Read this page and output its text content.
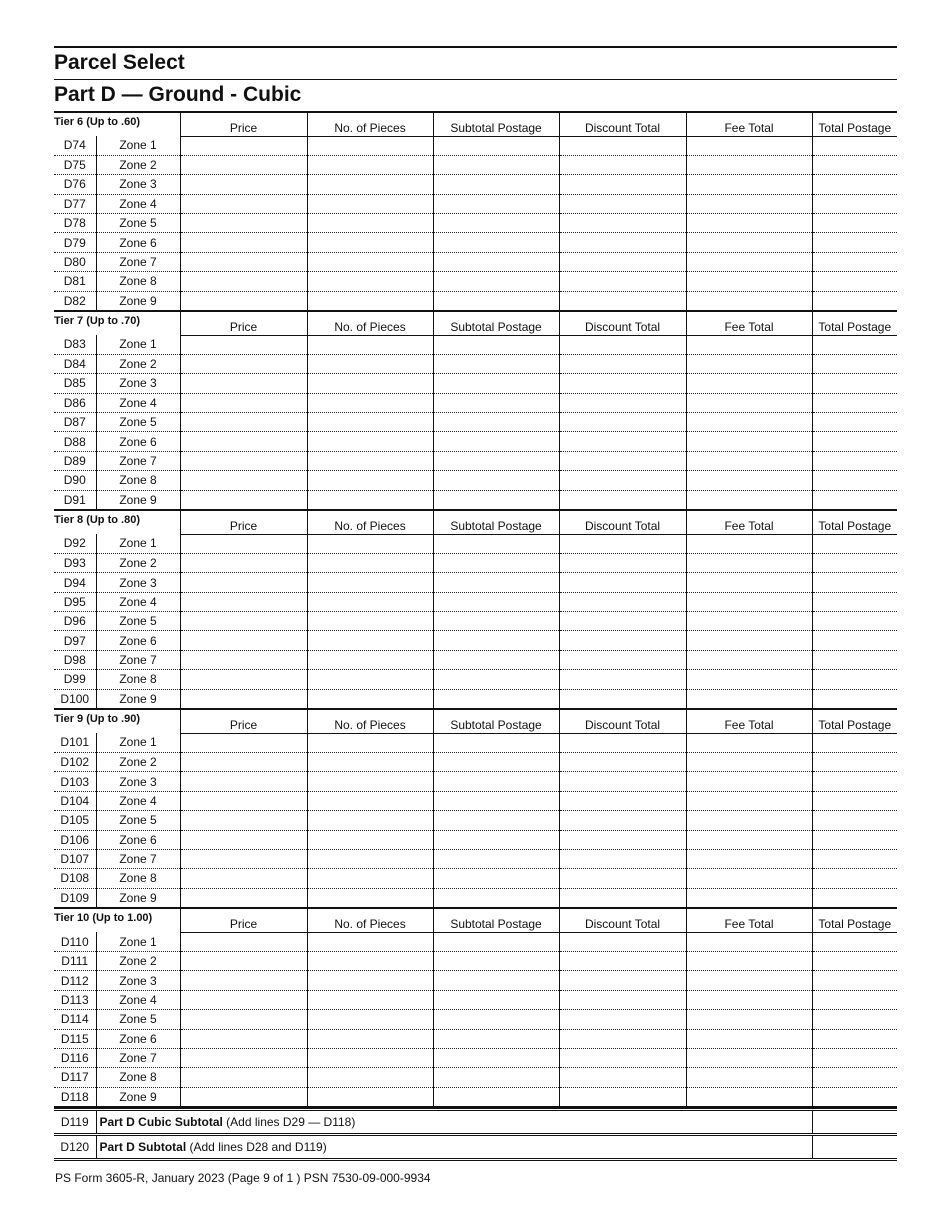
Parcel Select
Part D — Ground - Cubic
Tier 6 (Up to .60)		Price	No. of Pieces	Subtotal Postage	Discount Total	Fee Total	Total Postage
D74	Zone 1						
D75	Zone 2						
D76	Zone 3						
D77	Zone 4						
D78	Zone 5						
D79	Zone 6						
D80	Zone 7						
D81	Zone 8						
D82	Zone 9						
Tier 7 (Up to .70)		Price	No. of Pieces	Subtotal Postage	Discount Total	Fee Total	Total Postage
D83	Zone 1						
D84	Zone 2						
D85	Zone 3						
D86	Zone 4						
D87	Zone 5						
D88	Zone 6						
D89	Zone 7						
D90	Zone 8						
D91	Zone 9						
Tier 8 (Up to .80)		Price	No. of Pieces	Subtotal Postage	Discount Total	Fee Total	Total Postage
D92	Zone 1						
D93	Zone 2						
D94	Zone 3						
D95	Zone 4						
D96	Zone 5						
D97	Zone 6						
D98	Zone 7						
D99	Zone 8						
D100	Zone 9						
Tier 9 (Up to .90)		Price	No. of Pieces	Subtotal Postage	Discount Total	Fee Total	Total Postage
D101	Zone 1						
D102	Zone 2						
D103	Zone 3						
D104	Zone 4						
D105	Zone 5						
D106	Zone 6						
D107	Zone 7						
D108	Zone 8						
D109	Zone 9						
Tier 10 (Up to 1.00)		Price	No. of Pieces	Subtotal Postage	Discount Total	Fee Total	Total Postage
D110	Zone 1						
D111	Zone 2						
D112	Zone 3						
D113	Zone 4						
D114	Zone 5						
D115	Zone 6						
D116	Zone 7						
D117	Zone 8						
D118	Zone 9						
D119	Part D Cubic Subtotal (Add lines D29 — D118)	
D120	Part D Subtotal (Add lines D28 and D119)	
PS Form 3605-R, January 2023 (Page 9 of 1 ) PSN 7530-09-000-9934
